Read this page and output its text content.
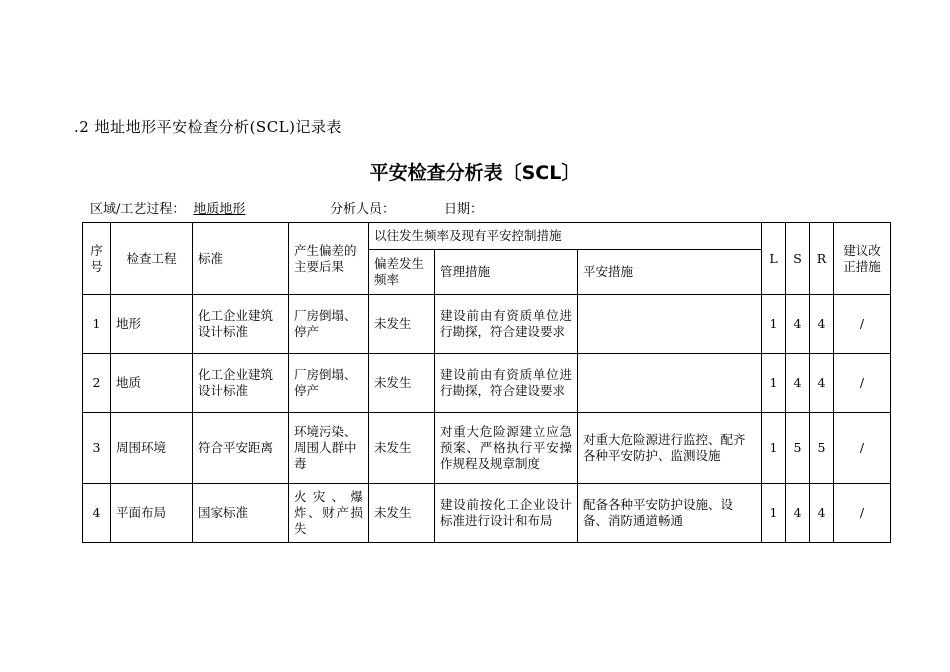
.2 地址地形平安检查分析(SCL)记录表
平安检查分析表〔SCL〕
区域/工艺过程： 地质地形	分析人员：	日期：
序号	检查工程	标准	产生偏差的主要后果	以往发生频率及现有平安控制措施			L	S	R	建议改正措施
				偏差发生频率	管理措施	平安措施				
1	地形	化工企业建筑设计标准	厂房倒塌、停产	未发生	建设前由有资质单位进行勘探，符合建设要求		1	4	4	/
2	地质	化工企业建筑设计标准	厂房倒塌、停产	未发生	建设前由有资质单位进行勘探，符合建设要求		1	4	4	/
3	周围环境	符合平安距离	环境污染、周围人群中毒	未发生	对重大危险源建立应急预案、严格执行平安操作规程及规章制度	对重大危险源进行监控、配齐各种平安防护、监测设施	1	5	5	/
4	平面布局	国家标准	火灾、爆炸、财产损失	未发生	建设前按化工企业设计标准进行设计和布局	配备各种平安防护设施、设备、消防通道畅通	1	4	4	/
